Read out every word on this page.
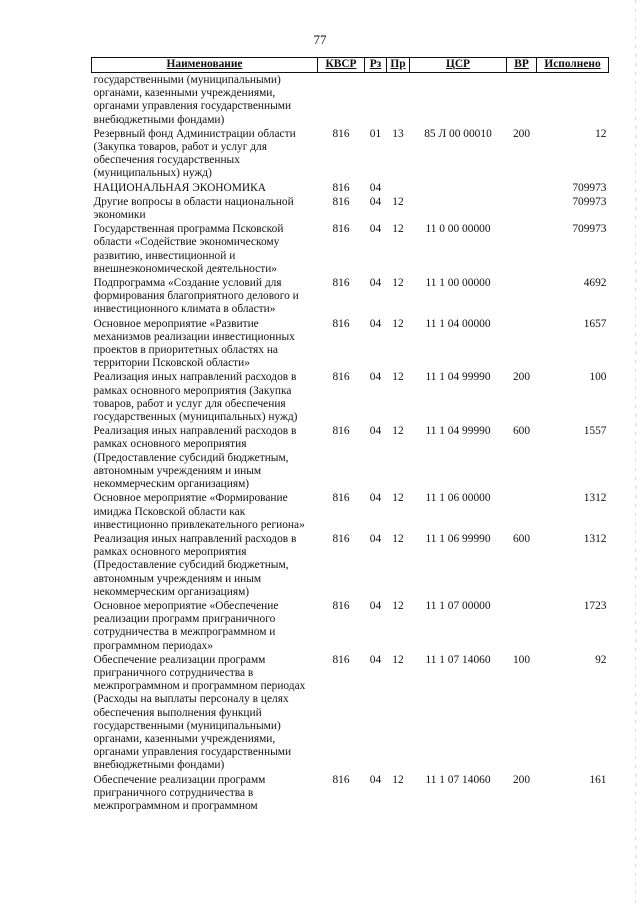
77
Наименование	КВСР	Рз	Пр	ЦСР	ВР	Исполнено
государственными (муниципальными) органами, казенными учреждениями, органами управления государственными внебюджетными фондами)						
Резервный фонд Администрации области (Закупка товаров, работ и услуг для обеспечения государственных (муниципальных) нужд)	816	01	13	85 Л 00 00010	200	12
НАЦИОНАЛЬНАЯ ЭКОНОМИКА	816	04				709973
Другие вопросы в области национальной экономики	816	04	12			709973
Государственная программа Псковской области «Содействие экономическому развитию, инвестиционной и внешнеэкономической деятельности»	816	04	12	11 0 00 00000		709973
Подпрограмма «Создание условий для формирования благоприятного делового и инвестиционного климата в области»	816	04	12	11 1 00 00000		4692
Основное мероприятие «Развитие механизмов реализации инвестиционных проектов в приоритетных областях на территории Псковской области»	816	04	12	11 1 04 00000		1657
Реализация иных направлений расходов в рамках основного мероприятия (Закупка товаров, работ и услуг для обеспечения государственных (муниципальных) нужд)	816	04	12	11 1 04 99990	200	100
Реализация иных направлений расходов в рамках основного мероприятия (Предоставление субсидий бюджетным, автономным учреждениям и иным некоммерческим организациям)	816	04	12	11 1 04 99990	600	1557
Основное мероприятие «Формирование имиджа Псковской области как инвестиционно привлекательного региона»	816	04	12	11 1 06 00000		1312
Реализация иных направлений расходов в рамках основного мероприятия (Предоставление субсидий бюджетным, автономным учреждениям и иным некоммерческим организациям)	816	04	12	11 1 06 99990	600	1312
Основное мероприятие «Обеспечение реализации программ приграничного сотрудничества в межпрограммном и программном периодах»	816	04	12	11 1 07 00000		1723
Обеспечение реализации программ приграничного сотрудничества в межпрограммном и программном периодах (Расходы на выплаты персоналу в целях обеспечения выполнения функций государственными (муниципальными) органами, казенными учреждениями, органами управления государственными внебюджетными фондами)	816	04	12	11 1 07 14060	100	92
Обеспечение реализации программ приграничного сотрудничества в межпрограммном и программном	816	04	12	11 1 07 14060	200	161
